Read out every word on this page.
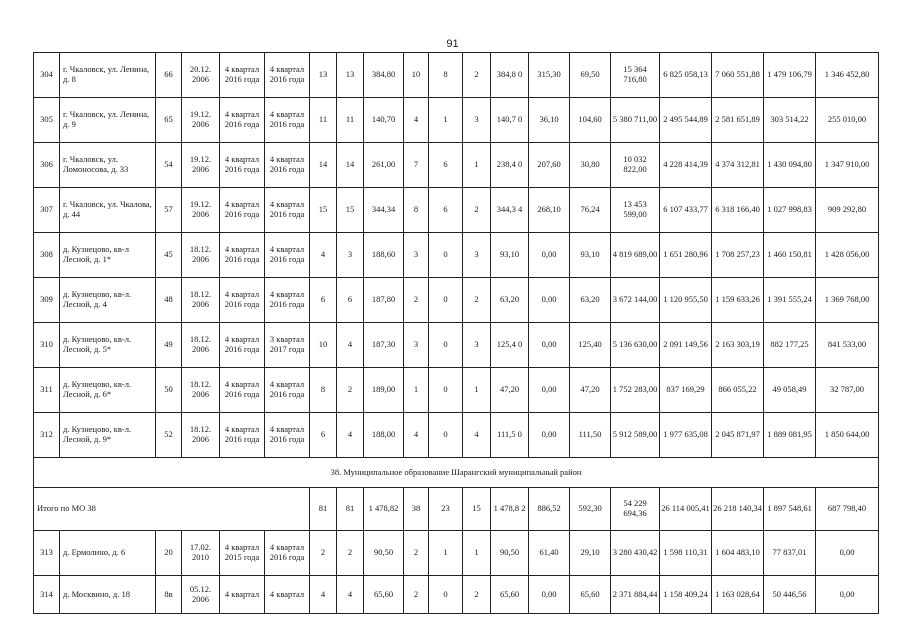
91
304	г. Чкаловск, ул. Ленина, д. 8	66	20.12. 2006	4 квартал 2016 года	4 квартал 2016 года	13	13	384,80	10	8	2	384,8 0	315,30	69,50	15 364 716,80	6 825 058,13	7 060 551,88	1 479 106,79	1 346 452,80
305	г. Чкаловск, ул. Ленина, д. 9	65	19.12. 2006	4 квартал 2016 года	4 квартал 2016 года	11	11	140,70	4	1	3	140,7 0	36,10	104,60	5 380 711,00	2 495 544,89	2 581 651,89	303 514,22	255 010,00
306	г. Чкаловск, ул. Ломоносова, д. 33	54	19.12. 2006	4 квартал 2016 года	4 квартал 2016 года	14	14	261,00	7	6	1	238,4 0	207,60	30,80	10 032 822,00	4 228 414,39	4 374 312,81	1 430 094,80	1 347 910,00
307	г. Чкаловск, ул. Чкалова, д. 44	57	19.12. 2006	4 квартал 2016 года	4 квартал 2016 года	15	15	344,34	8	6	2	344,3 4	268,10	76,24	13 453 599,00	6 107 433,77	6 318 166,40	1 027 998,83	909 292,80
308	д. Кузнецово, кв-л Лесной, д. 1*	45	18.12. 2006	4 квартал 2016 года	4 квартал 2016 года	4	3	188,60	3	0	3	93,10	0,00	93,10	4 819 689,00	1 651 280,96	1 708 257,23	1 460 150,81	1 428 056,00
309	д. Кузнецово, кв-л. Лесной, д. 4	48	18.12. 2006	4 квартал 2016 года	4 квартал 2016 года	6	6	187,80	2	0	2	63,20	0,00	63,20	3 672 144,00	1 120 955,50	1 159 633,26	1 391 555,24	1 369 768,00
310	д. Кузнецово, кв-л. Лесной, д. 5*	49	18.12. 2006	4 квартал 2016 года	3 квартал 2017 года	10	4	187,30	3	0	3	125,4 0	0,00	125,40	5 136 630,00	2 091 149,56	2 163 303,19	882 177,25	841 533,00
311	д. Кузнецово, кв-л. Лесной, д. 6*	50	18.12. 2006	4 квартал 2016 года	4 квартал 2016 года	8	2	189,00	1	0	1	47,20	0,00	47,20	1 752 283,00	837 169,29	866 055,22	49 058,49	32 787,00
312	д. Кузнецово, кв-л. Лесной, д. 9*	52	18.12. 2006	4 квартал 2016 года	4 квартал 2016 года	6	4	188,00	4	0	4	111,5 0	0,00	111,50	5 912 589,00	1 977 635,08	2 045 871,97	1 889 081,95	1 850 644,00
38. Муниципальное образование Шарангский муниципальный район																			
Итого по МО 38						81	81	1 478,82	38	23	15	1 478,8 2	886,52	592,30	54 229 694,36	26 114 005,41	26 218 140,34	1 897 548,61	687 798,40
313	д. Ермолино, д. 6	20	17.02. 2010	4 квартал 2015 года	4 квартал 2016 года	2	2	90,50	2	1	1	90,50	61,40	29,10	3 280 430,42	1 598 110,31	1 604 483,10	77 837,01	0,00
314	д. Москвино, д. 18	8в	05.12. 2006	4 квартал	4 квартал	4	4	65,60	2	0	2	65,60	0,00	65,60	2 371 884,44	1 158 409,24	1 163 028,64	50 446,56	0,00
